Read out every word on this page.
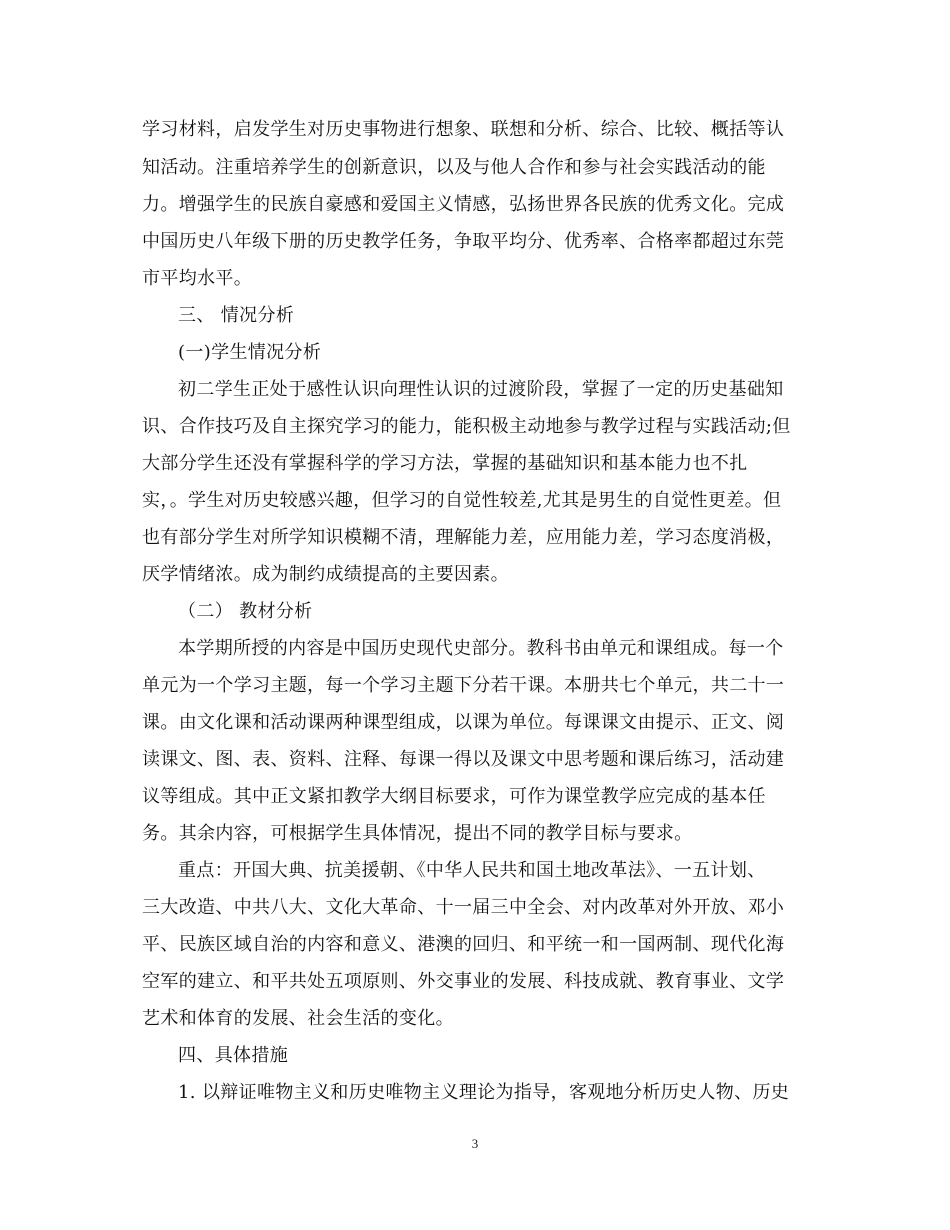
学习材料，启发学生对历史事物进行想象、联想和分析、综合、比较、概括等认
知活动。注重培养学生的创新意识，以及与他人合作和参与社会实践活动的能
力。增强学生的民族自豪感和爱国主义情感，弘扬世界各民族的优秀文化。完成
中国历史八年级下册的历史教学任务，争取平均分、优秀率、合格率都超过东莞
市平均水平。
三、 情况分析
(一)学生情况分析
初二学生正处于感性认识向理性认识的过渡阶段，掌握了一定的历史基础知
识、合作技巧及自主探究学习的能力，能积极主动地参与教学过程与实践活动;但
大部分学生还没有掌握科学的学习方法，掌握的基础知识和基本能力也不扎
实，。学生对历史较感兴趣，但学习的自觉性较差,尤其是男生的自觉性更差。但
也有部分学生对所学知识模糊不清，理解能力差，应用能力差，学习态度消极，
厌学情绪浓。成为制约成绩提高的主要因素。
（二） 教材分析
本学期所授的内容是中国历史现代史部分。教科书由单元和课组成。每一个
单元为一个学习主题，每一个学习主题下分若干课。本册共七个单元，共二十一
课。由文化课和活动课两种课型组成，以课为单位。每课课文由提示、正文、阅
读课文、图、表、资料、注释、每课一得以及课文中思考题和课后练习，活动建
议等组成。其中正文紧扣教学大纲目标要求，可作为课堂教学应完成的基本任
务。其余内容，可根据学生具体情况，提出不同的教学目标与要求。
重点：开国大典、抗美援朝、《中华人民共和国土地改革法》、一五计划、
三大改造、中共八大、文化大革命、十一届三中全会、对内改革对外开放、邓小
平、民族区域自治的内容和意义、港澳的回归、和平统一和一国两制、现代化海
空军的建立、和平共处五项原则、外交事业的发展、科技成就、教育事业、文学
艺术和体育的发展、社会生活的变化。
四、具体措施
1. 以辩证唯物主义和历史唯物主义理论为指导，客观地分析历史人物、历史
3
